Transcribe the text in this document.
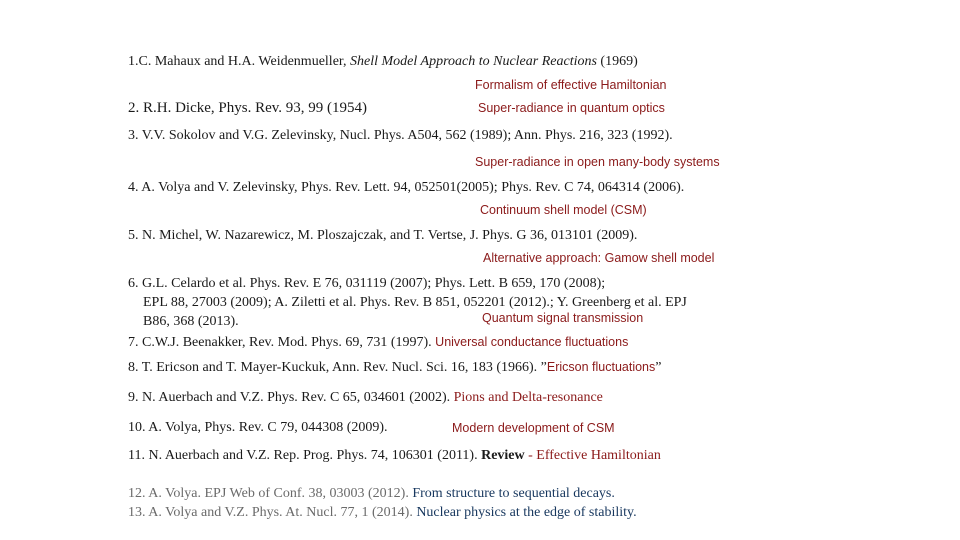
1.C. Mahaux and H.A. Weidenmueller, Shell Model Approach to Nuclear Reactions (1969)
Formalism of effective Hamiltonian
2. R.H. Dicke, Phys. Rev. 93, 99 (1954)	Super-radiance in quantum optics
3. V.V. Sokolov and V.G. Zelevinsky, Nucl. Phys. A504, 562 (1989); Ann. Phys. 216, 323 (1992).
Super-radiance in open many-body systems
4. A. Volya and V. Zelevinsky, Phys. Rev. Lett. 94, 052501(2005); Phys. Rev. C 74, 064314 (2006).
Continuum shell model (CSM)
5. N. Michel, W. Nazarewicz, M. Ploszajczak, and T. Vertse, J. Phys. G 36, 013101 (2009).
Alternative approach: Gamow shell model
6. G.L. Celardo et al. Phys. Rev. E 76, 031119 (2007); Phys. Lett. B 659, 170 (2008);
EPL 88, 27003 (2009); A. Ziletti et al. Phys. Rev. B 851, 052201 (2012).; Y. Greenberg et al. EPJ
B86, 368 (2013).	Quantum signal transmission
7. C.W.J. Beenakker, Rev. Mod. Phys. 69, 731 (1997). Universal conductance fluctuations
8. T. Ericson and T. Mayer-Kuckuk, Ann. Rev. Nucl. Sci. 16, 183 (1966). ”Ericson fluctuations”
9. N. Auerbach and V.Z. Phys. Rev. C 65, 034601 (2002). Pions and Delta-resonance
10. A. Volya, Phys. Rev. C 79, 044308 (2009).	Modern development of CSM
11. N. Auerbach and V.Z. Rep. Prog. Phys. 74, 106301 (2011). Review - Effective Hamiltonian
12. A. Volya. EPJ Web of Conf. 38, 03003 (2012). From structure to sequential decays.
13. A. Volya and V.Z. Phys. At. Nucl. 77, 1 (2014). Nuclear physics at the edge of stability.
